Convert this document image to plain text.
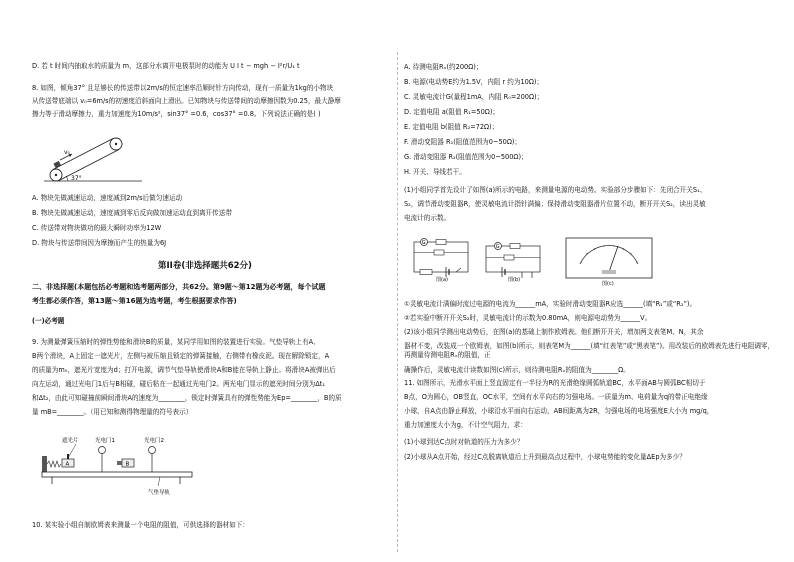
D. 若 t 时间内抽取水的质量为 m，这部分水离开电极泵时的动能为 U I t − mgh − I²r/U₁ t
8. 如图，倾角37° 且足够长的传送带以2m/s的恒定速率沿顺时针方向传动，现有一质量为1kg的小物块
从传送带底端以 v₀=6m/s的初速度沿斜面向上滑出。已知物块与传送带间的动摩擦因数为0.25，最大静摩
擦力等于滑动摩擦力，重力加速度为10m/s²，sin37° =0.6，cos37° =0.8。下列说法正确的是( )
v₀
37°
A. 物块先做减速运动，速度减到2m/s后做匀速运动
B. 物块先做减速运动，速度减到零后反向做加速运动直到离开传送带
C. 传送带对物块做功的最大瞬时功率为12W
D. 物块与传送带间因为摩擦而产生的热量为6J
第II卷(非选择题共62分)
二、非选择题(本题包括必考题和选考题两部分，共62分。第9题～第12题为必考题，每个试题
考生都必须作答，第13题～第16题为选考题，考生根据要求作答)
(一)必考题
9. 为测量弹簧压缩时的弹性势能和滑块B的质量，某同学用如图的装置进行实验。气垫导轨上有A、
B两个滑块，A上固定一遮光片，左侧与被压缩且锁定的弹簧接触，右侧带有橡皮泥。现在解除锁定，A
的质量为m₀，遮光片宽度为d；打开电源，调节气垫导轨使滑块A和B能在导轨上静止。将滑块A被弹出后
向左运动，通过光电门1后与B相碰，碰后粘在一起通过光电门2。两光电门显示的遮光时间分别为Δt₁
和Δt₂，由此可知碰撞前瞬间滑块A的速度为________，锁定时弹簧具有的弹性势能为Ep=________，B的质
量 mB=________。（用已知和测得物理量的符号表示）
遮光片	光电门1	光电门2
A	B
气垫导轨
10. 某实验小组自制欧姆表来测量一个电阻的阻值，可供选择的器材如下：
A. 待测电阻Rₓ(约200Ω)；
B. 电源(电动势E约为1.5V，内阻 r 约为10Ω)；
C. 灵敏电流计G(量程1mA，内阻 R₀=200Ω)；
D. 定值电阻 a(阻值 R₁=50Ω)；
E. 定值电阻 b(阻值 R₂=72Ω)；
F. 滑动变阻器 R₁(阻值范围为0~50Ω)；
G. 滑动变阻器 R₂(阻值范围为0~500Ω)；
H. 开关、导线若干。
(1)小组同学首先设计了如图(a)所示的电路，来测量电源的电动势。实验部分步骤如下：先闭合开关S₁、
S₂，调节滑动变阻器R，使灵敏电流计指针满偏；保持滑动变阻器滑片位置不动，断开开关S₂，读出灵敏
电流计的示数。
G
图(a)
G
图(b)
图(c)
①灵敏电流计满偏时流过电源的电流为______mA，实验时滑动变阻器R应选______(填“R₁”或“R₂”)。
②若实验中断开开关S₂时，灵敏电流计的示数为0.80mA，则电源电动势为______V。
(2)该小组同学测出电动势后，在图(a)的基础上制作欧姆表。他们断开开关，增加两支表笔M、N，其余
器材不变，改装成一个欧姆表，如图(b)所示，则表笔M为______(填“红表笔”或“黑表笔”)。用改装后的欧姆表先进行电阻调零，再测量待测电阻Rₓ的阻值，正
确操作后，灵敏电流计读数如图(c)所示，则待测电阻Rₓ的阻值为________Ω。
11. 如图所示，光滑水平面上竖直固定有一半径为R的光滑绝缘圆弧轨道BC，水平面AB与圆弧BC相切于
B点，O为圆心，OB竖直，OC水平，空间有水平向右的匀强电场。一质量为m、电荷量为q的带正电绝缘
小球，自A点由静止释放，小球沿水平面向右运动，AB间距离为2R，匀强电场的电场强度E大小为 mg/q，
重力加速度大小为g，不计空气阻力，求：
(1)小球到达C点时对轨道的压力为多少？
(2)小球从A点开始，经过C点脱离轨道后上升到最高点过程中，小球电势能的变化量ΔEp为多少？
